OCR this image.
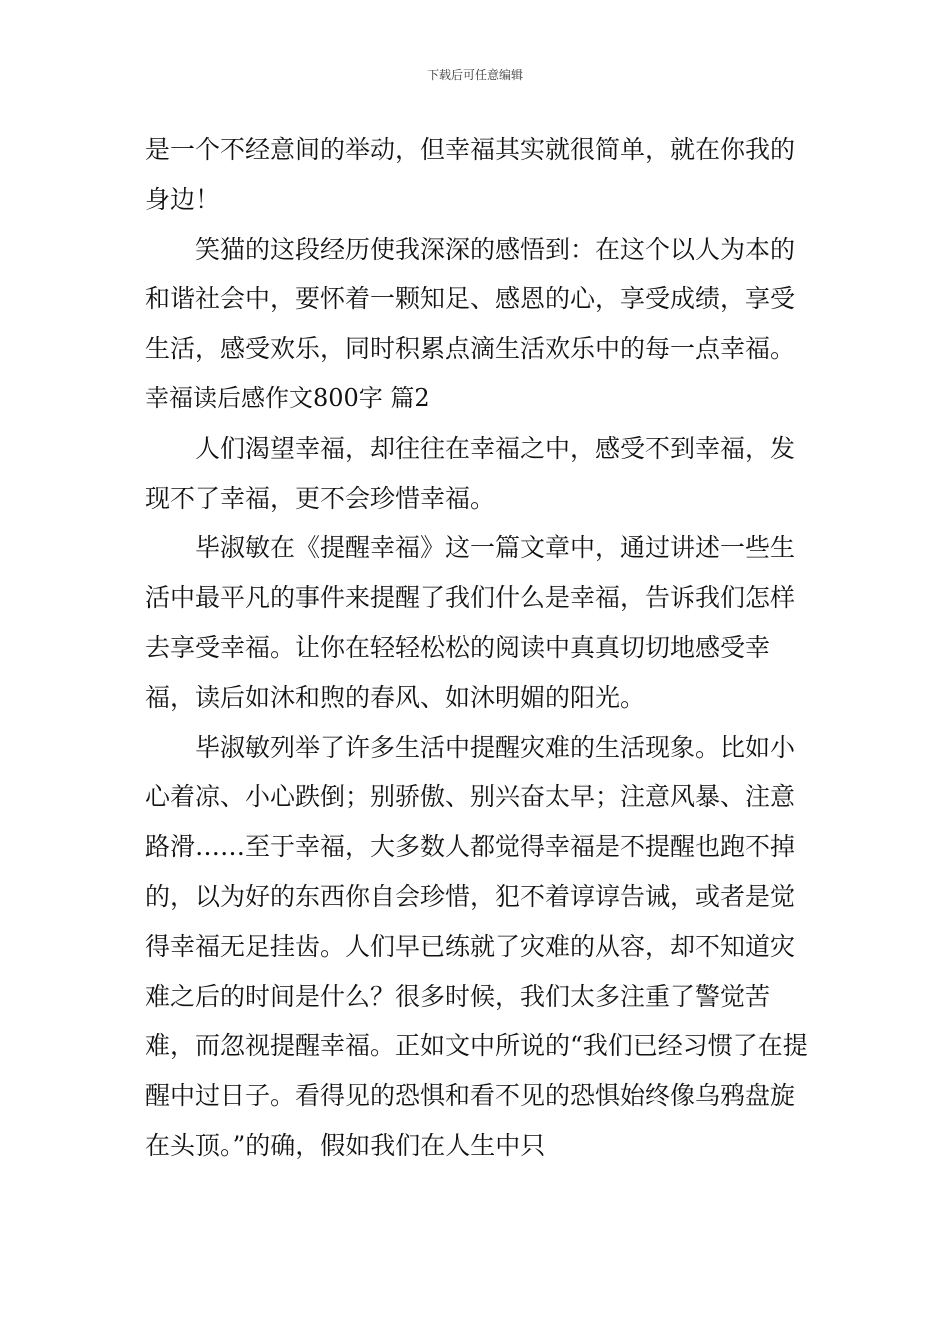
下载后可任意编辑

是一个不经意间的举动，但幸福其实就很简单，就在你我的身边！

笑猫的这段经历使我深深的感悟到：在这个以人为本的和谐社会中，要怀着一颗知足、感恩的心，享受成绩，享受生活，感受欢乐，同时积累点滴生活欢乐中的每一点幸福。

幸福读后感作文800字 篇2

人们渴望幸福，却往往在幸福之中，感受不到幸福，发现不了幸福，更不会珍惜幸福。

毕淑敏在《提醒幸福》这一篇文章中，通过讲述一些生活中最平凡的事件来提醒了我们什么是幸福，告诉我们怎样去享受幸福。让你在轻轻松松的阅读中真真切切地感受幸福，读后如沐和煦的春风、如沐明媚的阳光。

毕淑敏列举了许多生活中提醒灾难的生活现象。比如小心着凉、小心跌倒；别骄傲、别兴奋太早；注意风暴、注意路滑……至于幸福，大多数人都觉得幸福是不提醒也跑不掉的，以为好的东西你自会珍惜，犯不着谆谆告诫，或者是觉得幸福无足挂齿。人们早已练就了灾难的从容，却不知道灾难之后的时间是什么？很多时候，我们太多注重了警觉苦难，而忽视提醒幸福。正如文中所说的“我们已经习惯了在提醒中过日子。看得见的恐惧和看不见的恐惧始终像乌鸦盘旋在头顶。”的确，假如我们在人生中只
